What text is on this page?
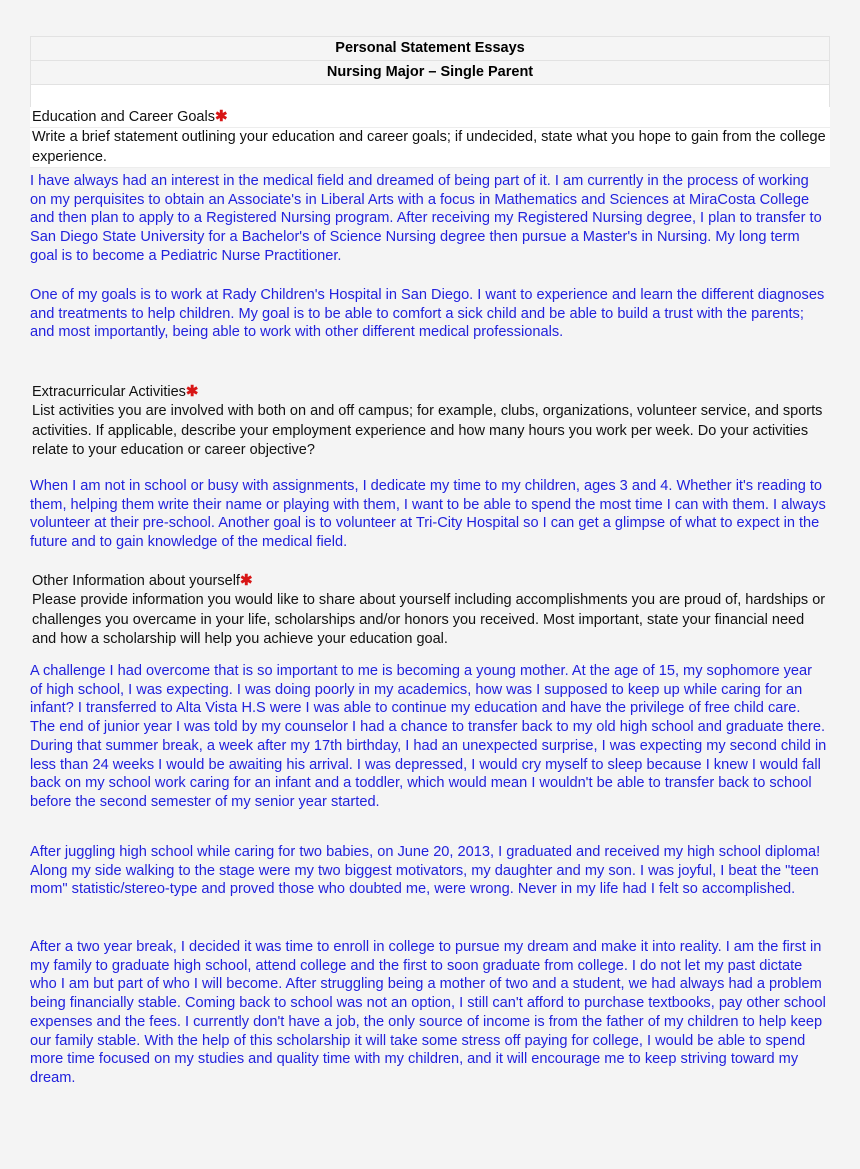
Personal Statement Essays
Nursing Major – Single Parent

Education and Career Goals✱
Write a brief statement outlining your education and career goals; if undecided, state what you hope to gain from the college experience.
I have always had an interest in the medical field and dreamed of being part of it. I am currently in the process of working on my perquisites to obtain an Associate's in Liberal Arts with a focus in Mathematics and Sciences at MiraCosta College and then plan to apply to a Registered Nursing program. After receiving my Registered Nursing degree, I plan to transfer to San Diego State University for a Bachelor's of Science Nursing degree then pursue a Master's in Nursing. My long term goal is to become a Pediatric Nurse Practitioner.
One of my goals is to work at Rady Children's Hospital in San Diego. I want to experience and learn the different diagnoses and treatments to help children. My goal is to be able to comfort a sick child and be able to build a trust with the parents; and most importantly, being able to work with other different medical professionals.
Extracurricular Activities✱
List activities you are involved with both on and off campus; for example, clubs, organizations, volunteer service, and sports activities. If applicable, describe your employment experience and how many hours you work per week. Do your activities relate to your education or career objective?
When I am not in school or busy with assignments, I dedicate my time to my children, ages 3 and 4. Whether it's reading to them, helping them write their name or playing with them, I want to be able to spend the most time I can with them. I always volunteer at their pre-school. Another goal is to volunteer at Tri-City Hospital so I can get a glimpse of what to expect in the future and to gain knowledge of the medical field.
Other Information about yourself✱
Please provide information you would like to share about yourself including accomplishments you are proud of, hardships or challenges you overcame in your life, scholarships and/or honors you received. Most important, state your financial need and how a scholarship will help you achieve your education goal.
A challenge I had overcome that is so important to me is becoming a young mother. At the age of 15, my sophomore year of high school, I was expecting. I was doing poorly in my academics, how was I supposed to keep up while caring for an infant? I transferred to Alta Vista H.S were I was able to continue my education and have the privilege of free child care. The end of junior year I was told by my counselor I had a chance to transfer back to my old high school and graduate there. During that summer break, a week after my 17th birthday, I had an unexpected surprise, I was expecting my second child in less than 24 weeks I would be awaiting his arrival. I was depressed, I would cry myself to sleep because I knew I would fall back on my school work caring for an infant and a toddler, which would mean I wouldn't be able to transfer back to school before the second semester of my senior year started.
After juggling high school while caring for two babies, on June 20, 2013, I graduated and received my high school diploma! Along my side walking to the stage were my two biggest motivators, my daughter and my son. I was joyful, I beat the "teen mom" statistic/stereo-type and proved those who doubted me, were wrong. Never in my life had I felt so accomplished.
After a two year break, I decided it was time to enroll in college to pursue my dream and make it into reality. I am the first in my family to graduate high school, attend college and the first to soon graduate from college. I do not let my past dictate who I am but part of who I will become. After struggling being a mother of two and a student, we had always had a problem being financially stable. Coming back to school was not an option, I still can't afford to purchase textbooks, pay other school expenses and the fees. I currently don't have a job, the only source of income is from the father of my children to help keep our family stable. With the help of this scholarship it will take some stress off paying for college, I would be able to spend more time focused on my studies and quality time with my children, and it will encourage me to keep striving toward my dream.
